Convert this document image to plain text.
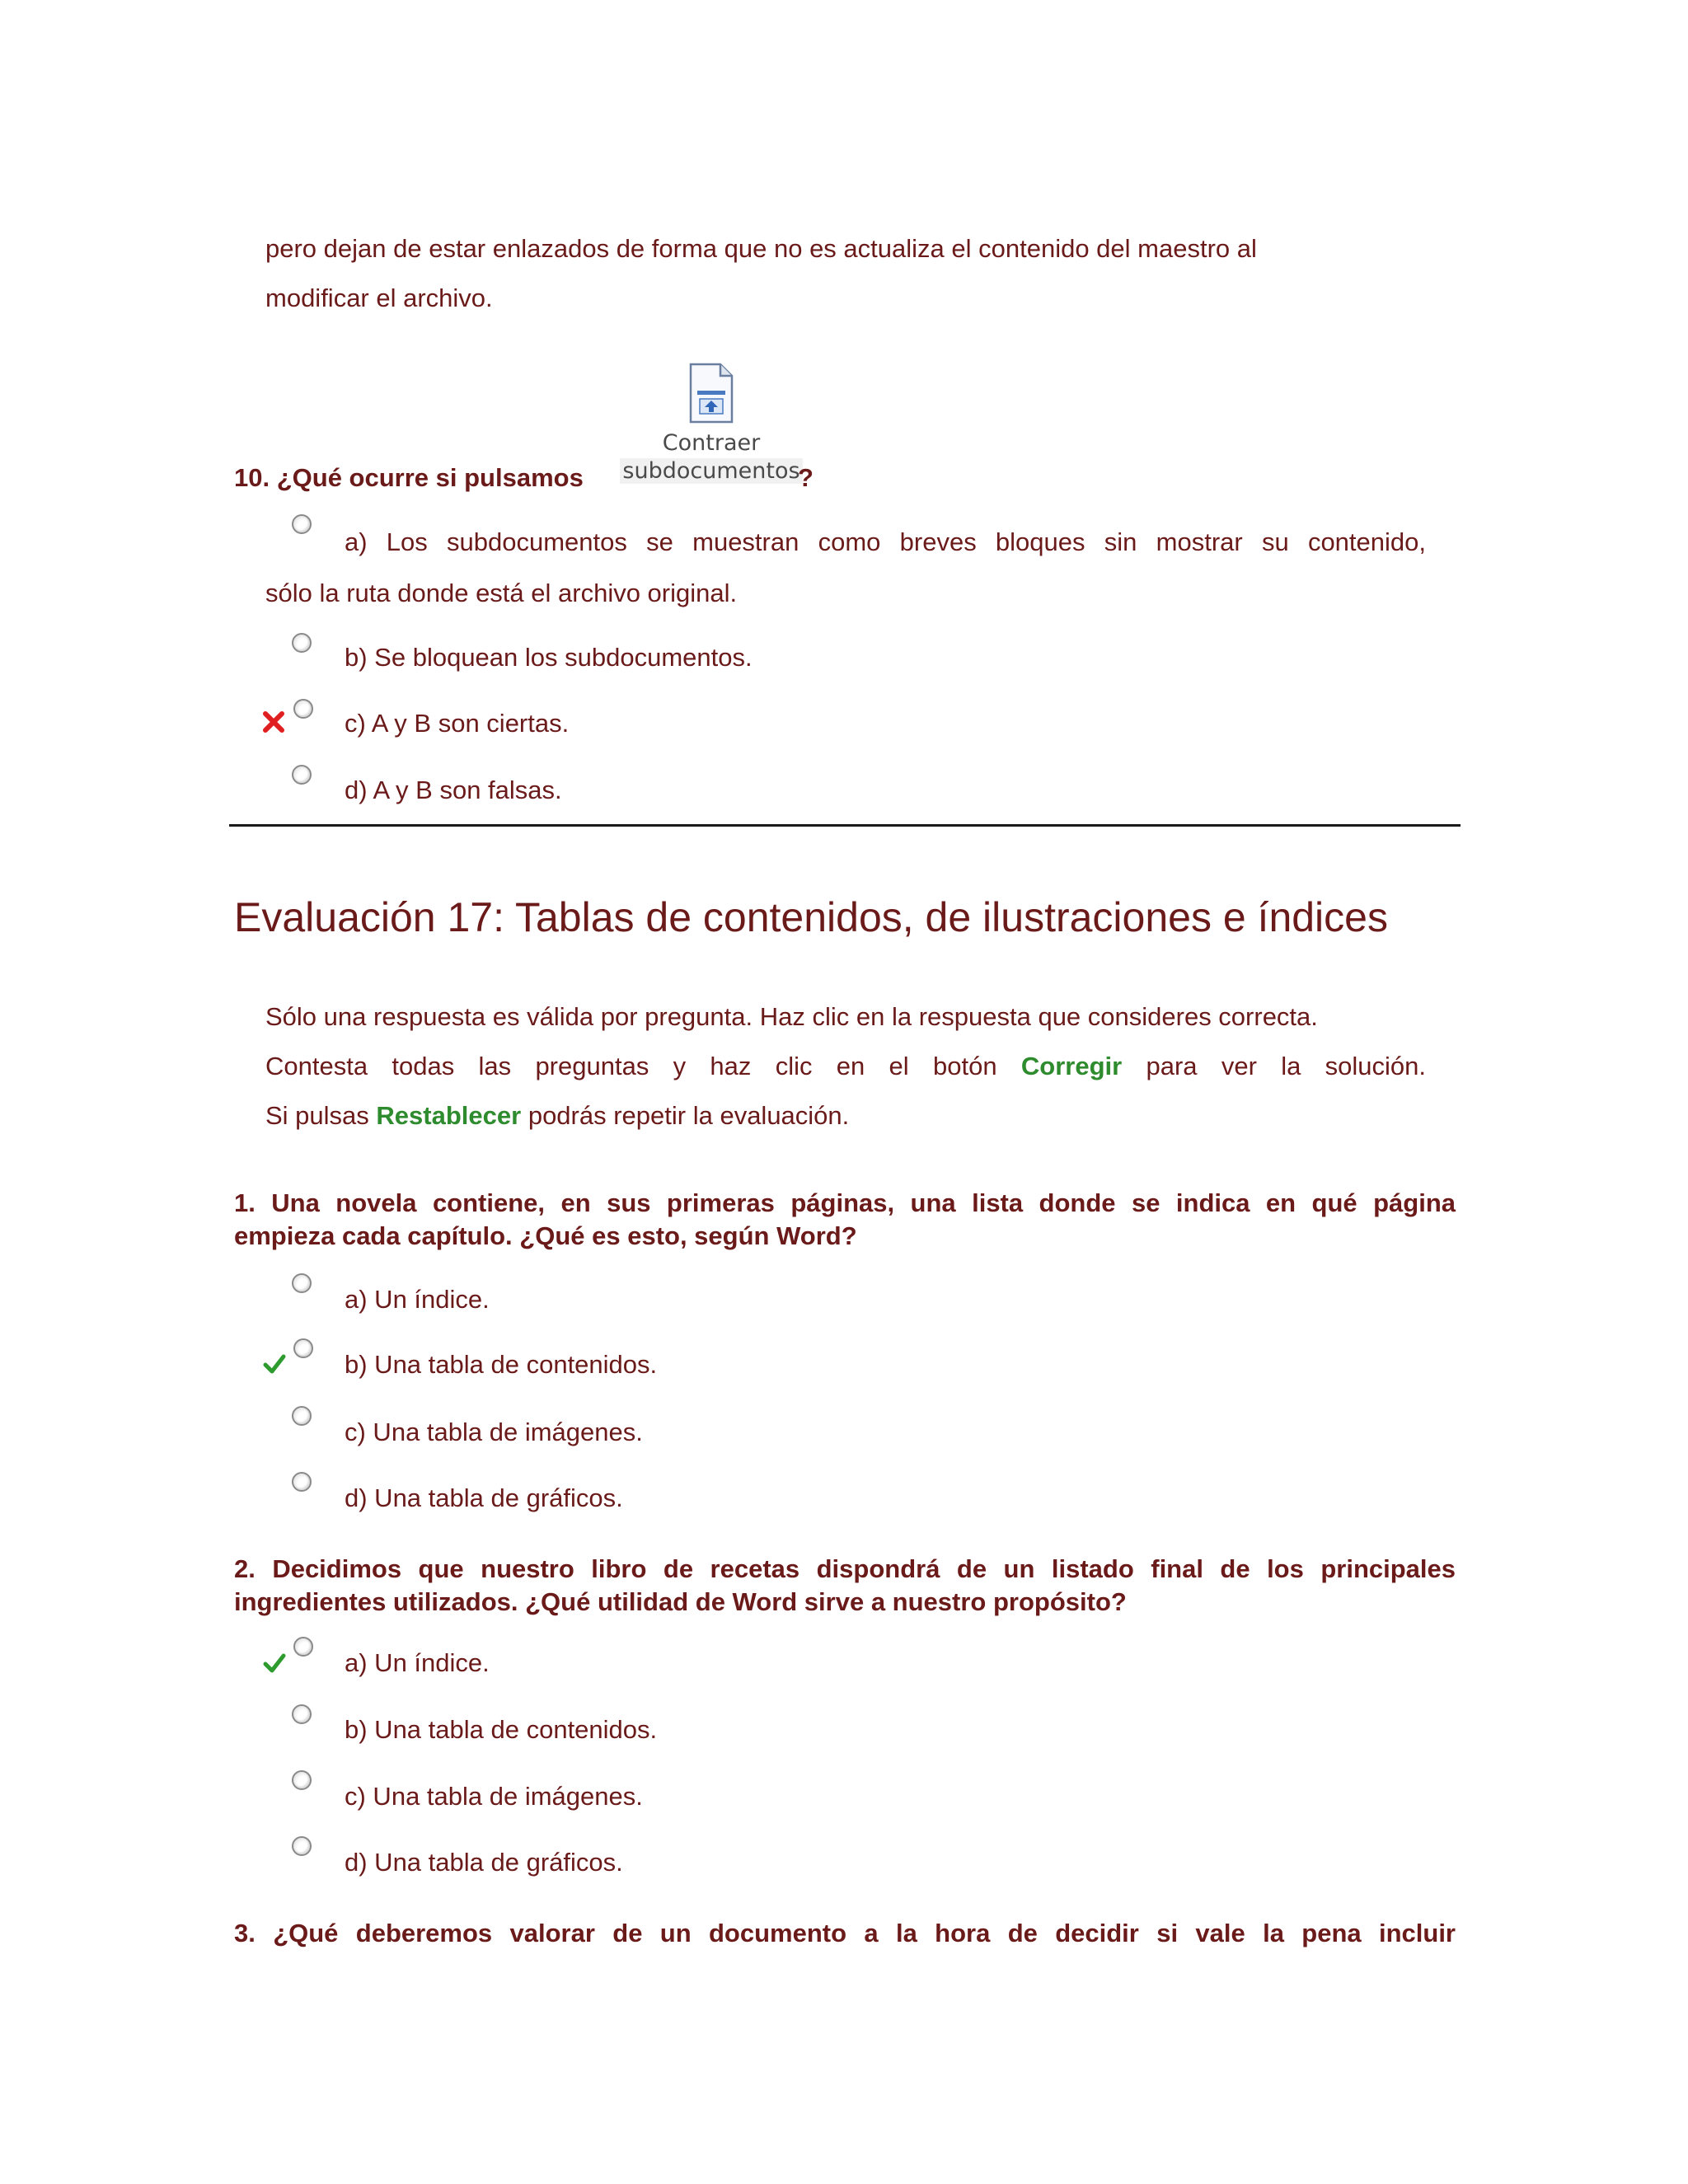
pero dejan de estar enlazados de forma que no es actualiza el contenido del maestro al
modificar el archivo.
10. ¿Qué ocurre si pulsamos
Contraer
subdocumentos
?
a) Los subdocumentos se muestran como breves bloques sin mostrar su contenido,
sólo la ruta donde está el archivo original.
b) Se bloquean los subdocumentos.
c) A y B son ciertas.
d) A y B son falsas.
Evaluación 17: Tablas de contenidos, de ilustraciones e índices
Sólo una respuesta es válida por pregunta. Haz clic en la respuesta que consideres correcta.
Contesta todas las preguntas y haz clic en el botón Corregir para ver la solución.
Si pulsas Restablecer podrás repetir la evaluación.
1. Una novela contiene, en sus primeras páginas, una lista donde se indica en qué página
empieza cada capítulo. ¿Qué es esto, según Word?
a) Un índice.
b) Una tabla de contenidos.
c) Una tabla de imágenes.
d) Una tabla de gráficos.
2. Decidimos que nuestro libro de recetas dispondrá de un listado final de los principales
ingredientes utilizados. ¿Qué utilidad de Word sirve a nuestro propósito?
a) Un índice.
b) Una tabla de contenidos.
c) Una tabla de imágenes.
d) Una tabla de gráficos.
3. ¿Qué deberemos valorar de un documento a la hora de decidir si vale la pena incluir
